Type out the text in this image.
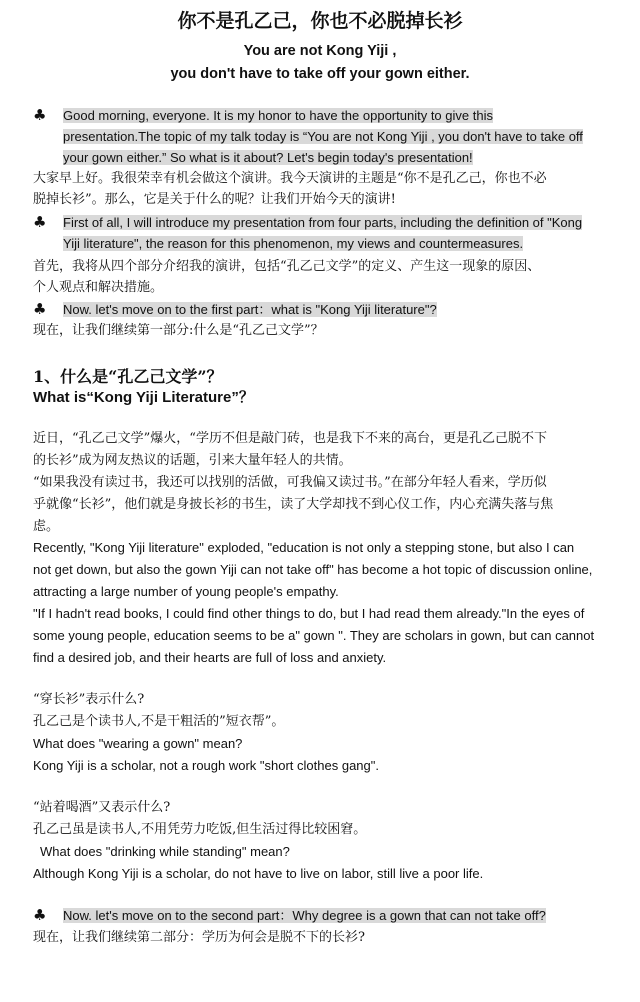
你不是孔乙己，你也不必脱掉长衫
You are not Kong Yiji ,
you don't have to take off your gown either.
♣ Good morning, everyone. It is my honor to have the opportunity to give this
presentation.The topic of my talk today is “You are not Kong Yiji , you don't have to take off
your gown either.” So what is it about? Let's begin today's presentation!
大家早上好。我很荣幸有机会做这个演讲。我今天演讲的主题是“你不是孔乙己，你也不必
脱掉长衫”。那么，它是关于什么的呢？让我们开始今天的演讲!
♣ First of all, I will introduce my presentation from four parts, including the definition of "Kong
Yiji literature", the reason for this phenomenon, my views and countermeasures.
首先，我将从四个部分介绍我的演讲，包括“孔乙己文学”的定义、产生这一现象的原因、
个人观点和解决措施。
♣ Now. let's move on to the first part：what is "Kong Yiji literature"?
现在，让我们继续第一部分:什么是“孔乙己文学”？
1、什么是“孔乙己文学”？
What is“Kong Yiji Literature”？
近日，“孔乙己文学”爆火，“学历不但是敲门砖，也是我下不来的高台，更是孔乙己脱不下
的长衫”成为网友热议的话题，引来大量年轻人的共情。
“如果我没有读过书，我还可以找别的活做，可我偏又读过书。”在部分年轻人看来，学历似
乎就像“长衫”，他们就是身披长衫的书生，读了大学却找不到心仪工作，内心充满失落与焦
虑。
Recently, "Kong Yiji literature" exploded, "education is not only a stepping stone, but also I can
not get down, but also the gown Yiji can not take off" has become a hot topic of discussion online,
attracting a large number of young people's empathy.
"If I hadn't read books, I could find other things to do, but I had read them already."In the eyes of
some young people, education seems to be a" gown ". They are scholars in gown, but can cannot
find a desired job, and their hearts are full of loss and anxiety.
“穿长衫”表示什么?
孔乙己是个读书人,不是干粗活的”短衣帮”。
What does "wearing a gown" mean?
Kong Yiji is a scholar, not a rough work "short clothes gang".
“站着喝酒”又表示什么?
孔乙己虽是读书人,不用凭劳力吃饭,但生活过得比较困窘。
What does "drinking while standing" mean?
Although Kong Yiji is a scholar, do not have to live on labor, still live a poor life.
♣ Now. let's move on to the second part：Why degree is a gown that can not take off?
现在，让我们继续第二部分：学历为何会是脱不下的长衫?
